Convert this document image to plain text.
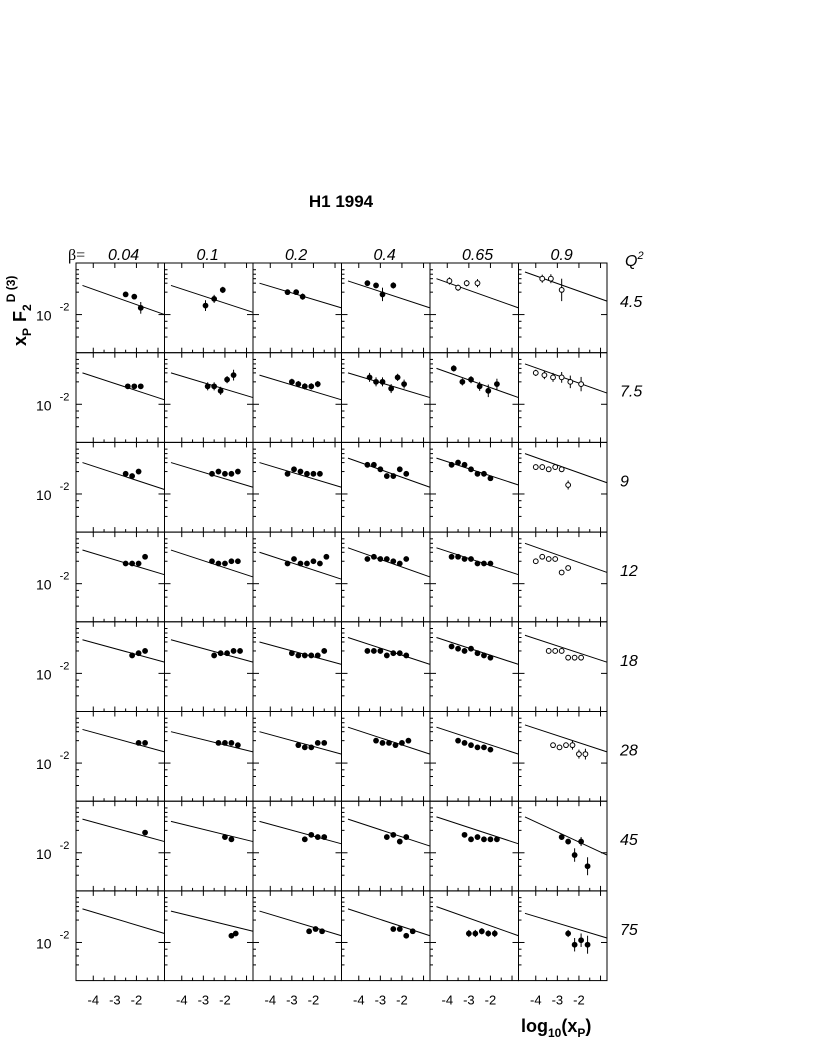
H1 1994
β=	$Q^2$
$x_PF_2^{D (3)}$
$\log_{10}(x_P)$
0.04	0.1	0.2	0.4	0.65	0.9
4.5
7.5
9
12
18
28
45
75
10 $^{-2}$
10 $^{-2}$
10 $^{-2}$
10 $^{-2}$
10 $^{-2}$
10 $^{-2}$
10 $^{-2}$
10 $^{-2}$
-4 -3 -2	-4 -3 -2	-4 -3 -2	-4 -3 -2	-4 -3 -2	-4 -3 -2
